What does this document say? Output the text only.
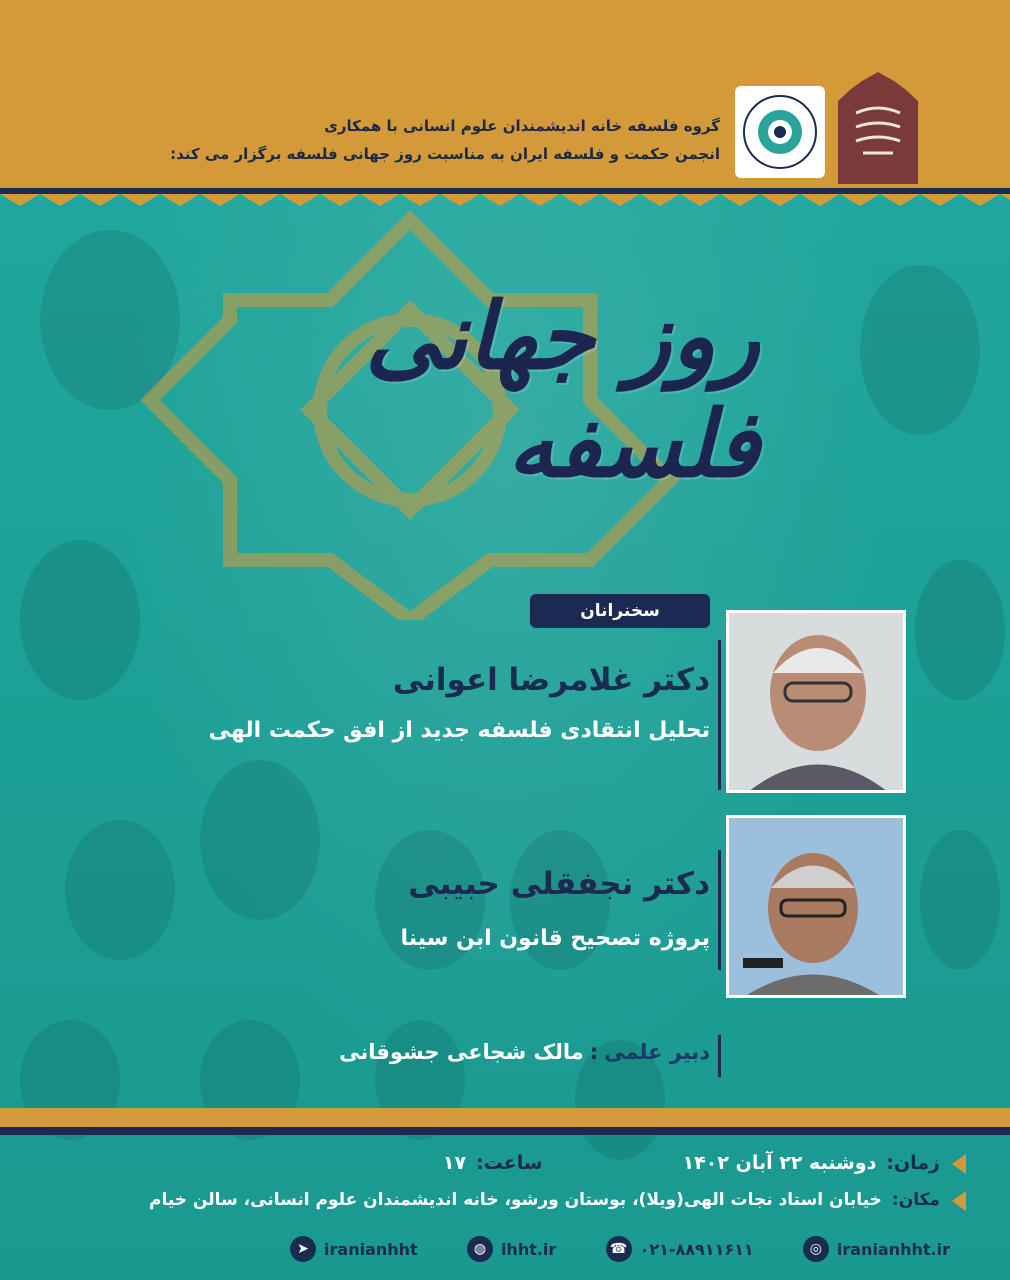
گروه فلسفه خانه اندیشمندان علوم انسانی با همکاری
انجمن حکمت و فلسفه ایران به مناسبت روز جهانی فلسفه برگزار می کند:
روز جهانی فلسفه
سخنرانان
دکتر غلامرضا اعوانی
تحلیل انتقادی فلسفه جدید از افق حکمت الهی
دکتر نجفقلی حبیبی
پروژه تصحیح قانون ابن سینا
دبیر علمی:مالک شجاعی جشوقانی
زمان:
دوشنبه ۲۲ آبان ۱۴۰۲
ساعت:
۱۷
مکان:
خیابان استاد نجات الهی(ویلا)، بوستان ورشو، خانه اندیشمندان علوم انسانی، سالن خیام
◎ iranianhht.ir
☎ ۰۲۱-۸۸۹۱۱۶۱۱
◍ ihht.ir
➤ iranianhht
